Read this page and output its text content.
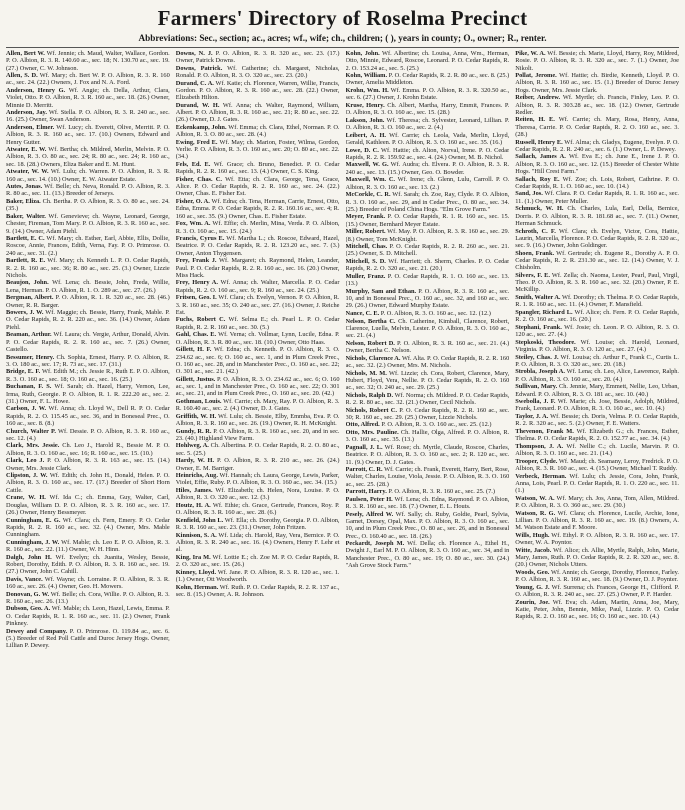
Farmers' Directory of Roselma Precinct
Abbreviations: Sec., section; ac., acres; wf., wife; ch., children; ( ), years in county; O., owner; R., renter.
Allen, Bert W. Wf. Jennie; ch. Maud, Walter, Wallace, Gordon. P. O. Albion, R. 3. R. 140.60 ac., sec. 18; N. 130.70 ac., sec. 19. (27.) Owner, C. W. Johnson.
Allen, S. D. Wf. Mary; ch. Bert W. P. O. Albion, R. 3. R. 160 ac., sec. 24. (22.) Owners, J. Fox and N. A. Ford.
Anderson, Henry G. Wf. Angie; ch. Della, Arthur, Clara, Violet, Otto. P. O. Albion, R. 3. R. 160 ac., sec. 18. (26.) Owner, Minnie D. Merritt.
Anderson, Jay. Wf. Stella. P. O. Albion, R. 3. R. 240 ac., sec. 16. (25.) Owner, Swan Anderson.
Anderson, Elmer. Wf. Lucy; ch. Everett, Olive, Merritt. P. O. Albion, R. 3. R. 160 ac., sec. 17. (10.) Owners, Edward and Henry Gutter.
Atwater, E. W. Wf. Bertha; ch. Mildred, Merlin, Melvin. P. O. Albion, R. 3. O. 80 ac., sec. 24; R. 80 ac., sec. 24; R. 160 ac., sec. 18. (28.) Owners, Eliza Baker and E. M. Hunt.
Atwater, W. W. Wf. Lulu; ch. Warren. P. O. Albion, R. 3. R. 160 ac., sec. 14. (10.) Owner, E. W. Atwater Estate.
Autes, Jonas. Wf. Belle; ch. Neva, Ronald. P. O. Albion, R. 3. R. 80 ac., sec. 11. (13.) Breeder of Jerseys.
Baker, Eliza. Ch. Bertha. P. O. Albion, R. 3. O. 80 ac., sec. 24. (35.)
Baker, Walter. Wf. Genevieve; ch. Wayne, Leonard, George, Chester, Fireman, Tom Mary. P. O. Albion, R. 3. R. 160 ac., sec. 9. (14.) Owner, Adam Piehl.
Bartlett, E. C. Wf. Mary; ch. Esther, Earl, Abbie, Ellis, Dollie, Roscoe, Annie, Frances, Edith, Verna, Fay. P. O. Primrose. O. 240 ac., sec. 31. (2.)
Bartlett, R. E. Wf. Mary; ch. Kenneth L. P. O. Cedar Rapids, R. 2. R. 160 ac., sec. 36; R. 80 ac., sec. 25. (3.) Owner, Lizzie Nichols.
Beaujon, John. Wf. Lena; ch. Bessie, John, Freda, Willie, Lena, Herman. P. O. Albion, R. 1. O. 289 ac., sec. 27. (26.)
Bergman, Albert. P. O. Albion, R. 1. R. 320 ac., sec. 28. (46.) Owner, R. R. Barger.
Bowers, J. W. Wf. Maggie; ch. Bessie, Harry, Frank, Mable. P. O. Cedar Rapids, R. 2. R. 220 ac., sec. 36. (14.) Owner, Adam Piehl.
Beaman, Arthur. Wf. Laura; ch. Vergie, Arthur, Donald, Alvin. P. O. Cedar Rapids, R. 2. R. 160 ac., sec. 7. (26.) Owner, Castello.
Bessumer, Henry. Ch. Sophia, Ernest, Harry. P. O. Albion, R. 3. O. 180 ac., sec. 17; R. 73 ac., sec. 17. (31.)
Bridge, E. F. Wf. Edith M.; ch. Jessie R., Ruth E. P. O. Albion, R. 3. O. 160 ac., sec. 18; O. 160 ac., sec. 16. (25.)
Buchanan, F. S. Wf. Sarah; ch. Hazel, Harry, Vernon, Lee, Irma, Ruth, Georgie. P. O. Albion, R. 1. R. 222.20 ac., sec. 2. (31.) Owner, F. L. Howe.
Carlson, J. W. Wf. Anna; ch. Lloyd W., Dell R. P. O. Cedar Rapids, R. 2. O. 115.45 ac., sec. 36, and in Boneseal Prec., O. 160 ac., sec. 8. (8.)
Church, Walter P. Wf. Dessie. P. O. Albion, R. 3. R. 160 ac., sec. 12. (4.)
Clark, Mrs. Jessie. Ch. Leo J., Harold R., Bessie M. P. O. Albion, R. 3. O. 160 ac., sec. 16; R. 160 ac., sec. 15. (10.)
Clark, Leo J. P. O. Albion, R. 3. R. 163 ac., sec. 15. (14.) Owner, Mrs. Jessie Clark.
Clipston, J. W. Wf. Edith; ch. John H., Donald, Helen. P. O. Albion, R. 3. O. 160 ac., sec. 17. (17.) Breeder of Short Horn Cattle.
Crane, W. H. Wf. Ida C.; ch. Emma, Guy, Walter, Carl, Douglas, William D. P. O. Albion, R. 3. R. 160 ac., sec. 17. (26.) Owner, Henry Bessmeyer.
Cunningham, E. G. Wf. Clara; ch. Fern, Emery. P. O. Cedar Rapids, R. 2. R. 160 ac., sec. 32. (4.) Owner, Mrs. Mable Cunningham.
Cunningham, J. W. Wf. Mable; ch. Leo E. P. O. Albion, R. 3. R. 160 ac., sec. 22. (11.) Owner, W. H. Hinn.
Dalgh, John H. Wf. Evelyn; ch. Juanita, Wesley, Bessie, Robert, Dorothy, Edith. P. O. Albion, R. 3. R. 160 ac., sec. 19. (27.) Owner, John C. Cahill.
Davis, Vance. Wf. Wayne; ch. Lorraine. P. O. Albion, R. 3. R. 160 ac., sec. 26. (4.) Owner, Geo. H. Mowers.
Donovan, G. W. Wf. Belle; ch. Cora, Willie. P. O. Albion, R. 3. R. 160 ac., sec. 26. (13.)
Dubson, Geo. A. Wf. Mable; ch. Leon, Hazel, Lewis, Emma. P. O. Cedar Rapids, R. 1. R. 160 ac., sec. 11. (2.) Owner, Frank Pinkney.
Dewey and Company. P. O. Primrose. O. 119.84 ac., sec. 6. (5.) Breeder of Red Poll Cattle and Duroc Jersey Hogs. Owner, Lillian P. Dewey.
Downs, N. J. P. O. Albion, R. 3. R. 320 ac., sec. 23. (17.) Owner, Patrick Downs.
Downs, Patrick. Wf. Catherine; ch. Margaret, Nicholas, Ronald. P. O. Albion, R. 3. O. 320 ac., sec. 23. (20.)
Durand, C. A. Wf. Katie; ch. Florence, Warren, Willie, Francis, Gordon. P. O. Albion, R. 3. R. 160 ac., sec. 28. (22.) Owner, Elizabeth Hilton.
Durand, W. H. Wf. Anna; ch. Walter, Raymond, William, Albert. P. O. Albion, R. 3. R. 160 ac., sec. 21; R. 80 ac., sec. 22. (26.) Owner, D. J. Gates.
Eckenkamp, John. Wf. Emma; ch. Clara, Ethel, Norman. P. O. Albion, R. 3. O. 80 ac., sec. 28. (4.)
Ewing, Fred E. Wf. May; ch. Marion, Foster, Wilma, Gordon, Verlie. P. O. Albion, R. 3. O. 160 ac., sec. 20; O. 80 ac., sec. 22. (34.)
Fels, Ed. E. Wf. Grace; ch. Bruno, Benedict. P. O. Cedar Rapids, R. 2. R. 160 ac., sec. 13. (4.) Owner, C. S. King.
Fisher, Chas. C. Wf. Etta; ch. Clara, George, Tena, Grace, Alice. P. O. Cedar Rapids, R. 2. R. 160 ac., sec. 24. (22.) Owner, Chas. E. Fisher Est.
Fisher, O. A. Wf. Edna; ch. Tena, Herman, Carrie, Ernest, Otto, Edna, Emma. P. O. Cedar Rapids, R. 2. R. 160.16 ac., sec. 4; R. 160 ac., sec. 35. (9.) Owner, Chas. E. Fisher Estate.
Fox, Wm. A. Wf. Effie; ch. Merlin, Mina, Verda. P. O. Albion, R. 3. O. 160 ac., sec. 15. (24.)
Francis, Cyrus E. Wf. Martha L.; ch. Roscoe, Edward, Hazel, Beatrice. P. O. Cedar Rapids, R. 2. R. 123.20 ac., sec. 7. (3.) Owner, Anton Thygensen.
Frey, Frank J. Wf. Margaret; ch. Raymond, Helen, Leander, Paul. P. O. Cedar Rapids, R. 2. R. 160 ac., sec. 16. (20.) Owner, Miss Hack.
Frey, Henry A. Wf. Anna; ch. Walter, Marcella. P. O. Cedar Rapids, R. 2. O. 160 ac., sec. 9; R. 160 ac., sec. 24. (25.)
Fritsen, Geo. I. Wf. Clara; ch. Evelyn, Vernon. P. O. Albion, R. 3. R. 160 ac., sec. 35; O. 240 ac., sec. 27. (16.) Owner, J. Reiche Est.
Fuchs, Robert C. Wf. Selma E.; ch. Pearl L. P. O. Cedar Rapids, R. 2. R. 160 ac., sec. 30. (5.)
Gahl, Chas. E. Wf. Verna; ch. Vollmar, Lynn, Lucile, Edna. P. O. Albion, R. 3. R. 80 ac., sec. 18. (10.) Owner, Otto Haas.
Gillett, H. F. Wf. Edna; ch. Kenneth. P. O. Albion, R. 3. O. 234.62 ac., sec. 6; O. 160 ac., sec. 1, and in Plum Creek Prec., O. 160 ac., sec. 28, and in Manchester Prec., O. 160 ac., sec. 22; O. 301 ac., sec. 21. (42.)
Gillett, Justus. P. O. Albion, R. 3. O. 234.62 ac., sec. 6; O. 160 ac., sec. 1, and in Manchester Prec., O. 160 ac., sec. 22; O. 301 ac., sec. 21, and in Plum Creek Prec., O. 160 ac., sec. 20. (42.)
Gothman, Louis. Wf. Carrie; ch. Mary, Ray. P. O. Albion, R. 3. R. 160.40 ac., sec. 2. (4.) Owner, D. J. Gates.
Griffith, W. H. Wf. Lulu; ch. Bessie, Elby, Emmba, Eva. P. O. Albion, R. 3. R. 160 ac., sec. 26. (19.) Owner, R. H. McKnight.
Gundy, R. R. P. O. Albion, R. 3. R. 160 ac., sec. 20, and in sec. 23. (40.) Highland View Farm.
Hohlweg, A. Ch. Albertina. P. O. Cedar Rapids, R. 2. O. 80 ac., sec. 5. (25.)
Hardy, W. H. P. O. Albion, R. 3. R. 210 ac., sec. 26. (24.) Owner, E. M. Barriger.
Heinrichs, Aug. Wf. Hannah; ch. Laura, George, Lewis, Parker, Violet, Effie, Ruby. P. O. Albion, R. 3. O. 160 ac., sec. 34. (15.)
Hiles, James. Wf. Elizabeth; ch. Helen, Nora, Louise. P. O. Albion, R. 3. O. 320 ac., sec. 12. (3.)
Houtz, H. A. Wf. Ethie; ch. Grace, Gertrude, Frances, Roy. P. O. Albion, R. 3. R. 160 ac., sec. 28. (6.)
Kenfield, John L. Wf. Ella; ch. Dorothy, Georgia. P. O. Albion, R. 3. R. 160 ac., sec. 23. (31.) Owner, John Fritzen.
Kinnison, S. A. Wf. Lida; ch. Harold, Ray, Vera, Bernice. P. O. Albion, R. 3. R. 240 ac., sec. 16. (4.) Owners, Henry F. Lehr et al.
King, Ira M. Wf. Lottie E.; ch. Zoe M. P. O. Cedar Rapids, R. 2. O. 320 ac., sec. 15. (26.)
Kinney, Lloyd. Wf. Jane. P. O. Albion, R. 3. R. 120 ac., sec. 1. (1.) Owner, Ott Woodworth.
Kohn, Herman. Wf. Ruth. P. O. Cedar Rapids, R. 2. R. 137 ac., sec. 8. (15.) Owner, A. R. Johnson.
Kohn, John. Wf. Albertine; ch. Louisa, Anna, Wm., Herman, Otto, Minnie, Edward, Roscoe, Leonard. P. O. Cedar Rapids, R. 2. O. 153.24 ac., sec. 5. (25.)
Kohn, William. P. O. Cedar Rapids, R. 2. R. 80 ac., sec. 8. (25.) Owner, Amelia Middleton.
Krohn, Wm. H. Wf. Emma. P. O. Albion, R. 3. R. 320.50 ac., sec. 6. (27.) Owner, J. Krohn Estate.
Kruse, Henry. Ch. Albert, Martha, Harry, Emmit, Frances. P. O. Albion, R. 3. O. 160 ac., sec. 15. (28.)
Lakson, John. Wf. Theresa; ch. Sylvester, Leonard, Lillian. P. O. Albion, R. 3. O. 160 ac., sec. 2. (4.)
Leibert, A. H. Wf. Carrie; ch. Leola, Vada, Merlin, Lloyd, Gerald, Kathleen. P. O. Albion, R. 3. O. 160 ac., sec. 35. (16.)
Lowe, D. C. Wf. Hattie; ch. Alton, Norval, Irene. P. O. Cedar Rapids, R. 2. R. 159.92 ac., sec. 4. (24.) Owner, M. B. Nichol.
Maxwell, W. G. Wf. Audra; ch. Elvera. P. O. Albion, R. 3. R. 240 ac., sec. 13. (15.) Owner, Geo. O. Bowder.
Maxwell, Wm. C. Wf. Irene; ch. Glenn, Lulu, Carroll. P. O. Albion, R. 3. O. 160 ac., sec. 13. (2.)
McCorkle, C. R. Wf. Sarah; ch. Zoe, Ray, Clyde. P. O. Albion, R. 3. O. 160 ac., sec. 29, and in Cedar Prec., O. 80 ac., sec. 34. (25.) Breeder of Poland China Hogs. "Elm Grove Farm."
Meyer, Frank. P. O. Cedar Rapids, R. 1. R. 160 ac., sec. 15. (15.) Owner, Bernhard Meyer Estate.
Miller, Robert. Wf. May. P. O. Albion, R. 3. R. 160 ac., sec. 29. (8.) Owner, Tom McKnight.
Mitchell, Chas. P. O. Cedar Rapids, R. 2. R. 260 ac., sec. 21. (25.) Owner, S. D. Mitchell.
Mitchell, S. D. Wf. Harriett; ch. Sherm, Charles. P. O. Cedar Rapids, R. 2. O. 320 ac., sec. 21. (20.)
Muller, Franz. P. O. Cedar Rapids, R. 1. O. 160 ac., sec. 13. (13.)
Murphy, Sam and Ethan. P. O. Albion, R. 3. R. 160 ac., sec. 10, and in Boneseal Prec., O. 160 ac., sec. 32, and 160 ac., sec. 29. (26.) Owner, Edward Murphy Estate.
Nance, C. E. P. O. Albion, R. 3. O. 160 ac., sec. 12. (12.)
Nelson, Bertha C. Ch. Catherine, Kimball, Clarence, Robert, Clarence, Luella, Melvin, Lester. P. O. Albion, R. 3. O. 160 ac., sec. 21. (4.)
Nelson, Robert D. P. O. Albion, R. 3. R. 160 ac., sec. 21. (4.) Owner, Bertha C. Nelson.
Nichols, Clarence A. Wf. Alta. P. O. Cedar Rapids, R. 2. R. 160 ac., sec. 32. (2.) Owner, Mrs. M. Nichols.
Nichols, M. M. Wf. Lizzie; ch. Cora, Robert, Clarence, Mary, Hubert, Floyd, Vera, Nellie. P. O. Cedar Rapids, R. 2. O. 160 ac., sec. 32; O. 240 ac., sec. 29. (25.)
Nichols, Ralph D. Wf. Norma; ch. Mildred. P. O. Cedar Rapids, R. 2. R. 80 ac., sec. 32. (21.) Owner, Cecil Nichols.
Nichols, Robert C. P. O. Cedar Rapids, R. 2. R. 160 ac., sec. 30; R. 160 ac., sec. 29. (25.) Owner, Lizzie Nichols.
Otto, Alfred. P. O. Albion, R. 3. O. 160 ac., sec. 25. (12.)
Otto, Mrs. Pauline. Ch. Hallie, Olga, Alfred. P. O. Albion, R. 3. O. 160 ac., sec. 35. (13.)
Pagnall, J. L. Wf. Rose; ch. Myrtle, Claude, Roscoe, Charles, Beatrice. P. O. Albion, R. 3. O. 160 ac., sec. 2; R. 120 ac., sec. 11. (9.) Owner, D. J. Gates.
Parrott, C. R. Wf. Carrie; ch. Frank, Everett, Harry, Bert, Rose, Walter, Charles, Louise, Viola, Jessie. P. O. Albion, R. 3. O. 160 ac., sec. 25. (28.)
Parrott, Harry. P. O. Albion, R. 3. R. 160 ac., sec. 25. (7.)
Paulsen, Peter H. Wf. Lena; ch. Edna, Raymond. P. O. Albion, R. 3. R. 160 ac., sec. 18. (7.) Owner, E. L. Houts.
Pesely, Alfred W. Wf. Sally; ch. Ruby, Goldie, Pearl, Sylvia, Garnet, Dorsey, Opal, Max. P. O. Albion, R. 3. O. 160 ac., sec. 10, and in Plum Creek Prec., O. 80 ac., sec. 26, and in Boneseal Prec., O. 160.40 ac., sec. 18. (26.)
Peckardt, Joseph M. Wf. Della; ch. Florence A., Ethel H., Dwight J., Earl M. P. O. Albion, R. 3. O. 160 ac., sec. 34, and in Manchester Prec., O. 80 ac., sec. 19; O. 80 ac., sec. 30. (24.) "Ash Grove Stock Farm."
Pike, W. A. Wf. Bessie; ch. Marie, Lloyd, Harry, Roy, Mildred, Rosie. P. O. Albion, R. 3. R. 320 ac., sec. 7. (1.) Owner, Joe Nikolt.
Pollat, Jerome. Wf. Hattie; ch. Birdie, Kenneth, Lloyd. P. O. Albion, R. 3. R. 160 ac., sec. 15. (1.) Breeder of Duroc Jersey Hogs. Owner, Mrs. Jessie Clark.
Reiber, Andrew. Wf. Myrtle; ch. Francis, Finley, Leo. P. O. Albion, R. 3. R. 303.28 ac., sec. 18. (12.) Owner, Gertrude Redler.
Reiten, H. E. Wf. Carrie; ch. Mary, Rosa, Henry, Anna, Theresa, Carrie. P. O. Cedar Rapids, R. 2. O. 160 ac., sec. 3. (28.)
Russell, Henry E. Wf. Alma; ch. Gladys, Eugene, Evelyn. P. O. Cedar Rapids, R. 2. R. 240 ac., sec. 6. (1.) Owner, L. P. Dewey.
Sallach, James A. Wf. Eva E.; ch. June E., Irene J. P. O. Albion, R. 3. O. 160 ac., sec. 12. (15.) Breeder of Chester White Hogs. "Hill Crest Farm."
Sallach, Roy E. Wf. Zoe; ch. Lois, Robert, Cathrine. P. O. Cedar Rapids, R. 1. O. 160 ac., sec. 10. (14.)
Sand, Jos. Wf. Clara. P. O. Cedar Rapids, R. 1. R. 160 ac., sec. 11. (1.) Owner, Peter Muller.
Schmuck, W. H. Ch. Charles, Lula, Earl, Della, Bernice, Dorris. P. O. Albion, R. 3. R. 181.68 ac., sec. 7. (11.) Owner, Herman Schmuck.
Schroth, C. F. Wf. Clara; ch. Evelyn, Victor, Cora, Hattie, Laurin, Marcella, Florence. P. O. Cedar Rapids, R. 2. R. 320 ac., sec. 9. (16.) Owner, John Goldinger.
Shoen, Frank. Wf. Gertrude; ch. Eugene R., Dorothy A. P. O. Cedar Rapids, R. 2. R. 231.30 ac., sec. 12. (14.) Owner, V. J. Chisholm.
Silvers, F. E. Wf. Zella; ch. Naoma, Lester, Pearl, Paul, Virgil, Theo. P. O. Albion, R. 3. R. 160 ac., sec. 32. (20.) Owner, P. E. McKillip.
Smith, Walter A. Wf. Dorothy; ch. Thelma. P. O. Cedar Rapids, R. 1. R. 160 ac., sec. 11. (4.) Owner, F. Mansfield.
Spangler, Richard L. Wf. Alice; ch. Fern. P. O. Cedar Rapids, R. 2. O. 160 ac., sec. 16. (20.)
Stephani, Frank. Wf. Josie; ch. Leon. P. O. Albion, R. 3. O. 120 ac., sec. 27. (4.)
Stepkoski, Theodore. Wf. Louise; ch. Harold, Leonard, Virginia. P. O. Albion, R. 3. O. 120 ac., sec. 27. (4.)
Steiley, Chas. J. Wf. Louisa; ch. Arthur F., Frank C., Curtis L. P. O. Albion, R. 3. O. 320 ac., sec. 20. (18.)
Strobla, Joseph A. Wf. Lena; ch. Leo, Alice, Lawrence, Ralph. P. O. Albion, R. 3. O. 160 ac., sec. 20. (4.)
Sullivan, Mary. Ch. Jennie, Mary, Emmett, Nellie, Leo, Urban, Edward. P. O. Albion, R. 3. O. 181 ac., sec. 10. (40.)
Swebolla, J. F. Wf. Marie; ch. Jose, Bessie, Adolph, Mildred, Frank, Leonard. P. O. Albion, R. 3. O. 160 ac., sec. 10. (4.)
Taylor, J. A. Wf. Bessie; ch. Doris, Velma. P. O. Cedar Rapids, R. 2. R. 320 ac., sec. 5. (2.) Owner, F. E. Watters.
Thevenon, Frank M. Wf. Elizabeth G.; ch. Frances, Esther, Thelma. P. O. Cedar Rapids, R. 2. O. 152.77 ac., sec. 34. (4.)
Thompson, J. A. Wf. Nellie C.; ch. Lucile, Marvin. P. O. Albion, R. 3. O. 160 ac., sec. 21. (14.)
Trooper, Clyde. Wf. Maud; ch. Seamany, Leroy, Fredrick. P. O. Albion, R. 3. R. 160 ac., sec. 4. (15.) Owner, Michael T. Ruddy.
Verbeck, Herman. Wf. Lulu; ch. Jessie, Cora, John, Frank, Anna, Lois, Pearl. P. O. Cedar Rapids, R. 1. O. 220 ac., sec. 11. (1.)
Watson, W. A. Wf. Mary; ch. Jos, Anna, Tom, Allen, Mildred. P. O. Albion, R. 3. O. 360 ac., sec. 29. (30.)
Watson, R. G. Wf. Clara; ch. Florence, Lucile, Archie, Ione, Lillian. P. O. Albion, R. 3. R. 160 ac., sec. 19. (8.) Owners, A. M. Watson Estate and F. Moore.
Wills, Hugh. Wf. Ethyl. P. O. Albion, R. 3. R. 160 ac., sec. 17. Owner, W. A. Poyntor.
Witte, Jacob. Wf. Alice; ch. Allie, Myrtle, Ralph, John, Marie, Mary, James, Ruth. P. O. Cedar Rapids, R. 2. R. 320 ac., sec. 8. (20.) Owner, Nichols Utters.
Woods, Geo. Wf. Annie; ch. George, Dorothy, Florence, Farley. P. O. Albion, R. 3. R. 160 ac., sec. 18. (9.) Owner, D. J. Poynter.
Young, G. J. Wf. Surrena; ch. Frances, George H., Clifford. P. O. Albion, R. 3. R. 240 ac., sec. 27. (25.) Owner, P. F. Harder.
Zourin, Joe. Wf. Eva; ch. Adam, Martin, Anna, Joe, Mary, Katie, Peter, John, Bennie, Mike, Paul, Lizzie. P. O. Cedar Rapids, R. 2. O. 160 ac., sec. 16; O. 160 ac., sec. 10. (4.)
